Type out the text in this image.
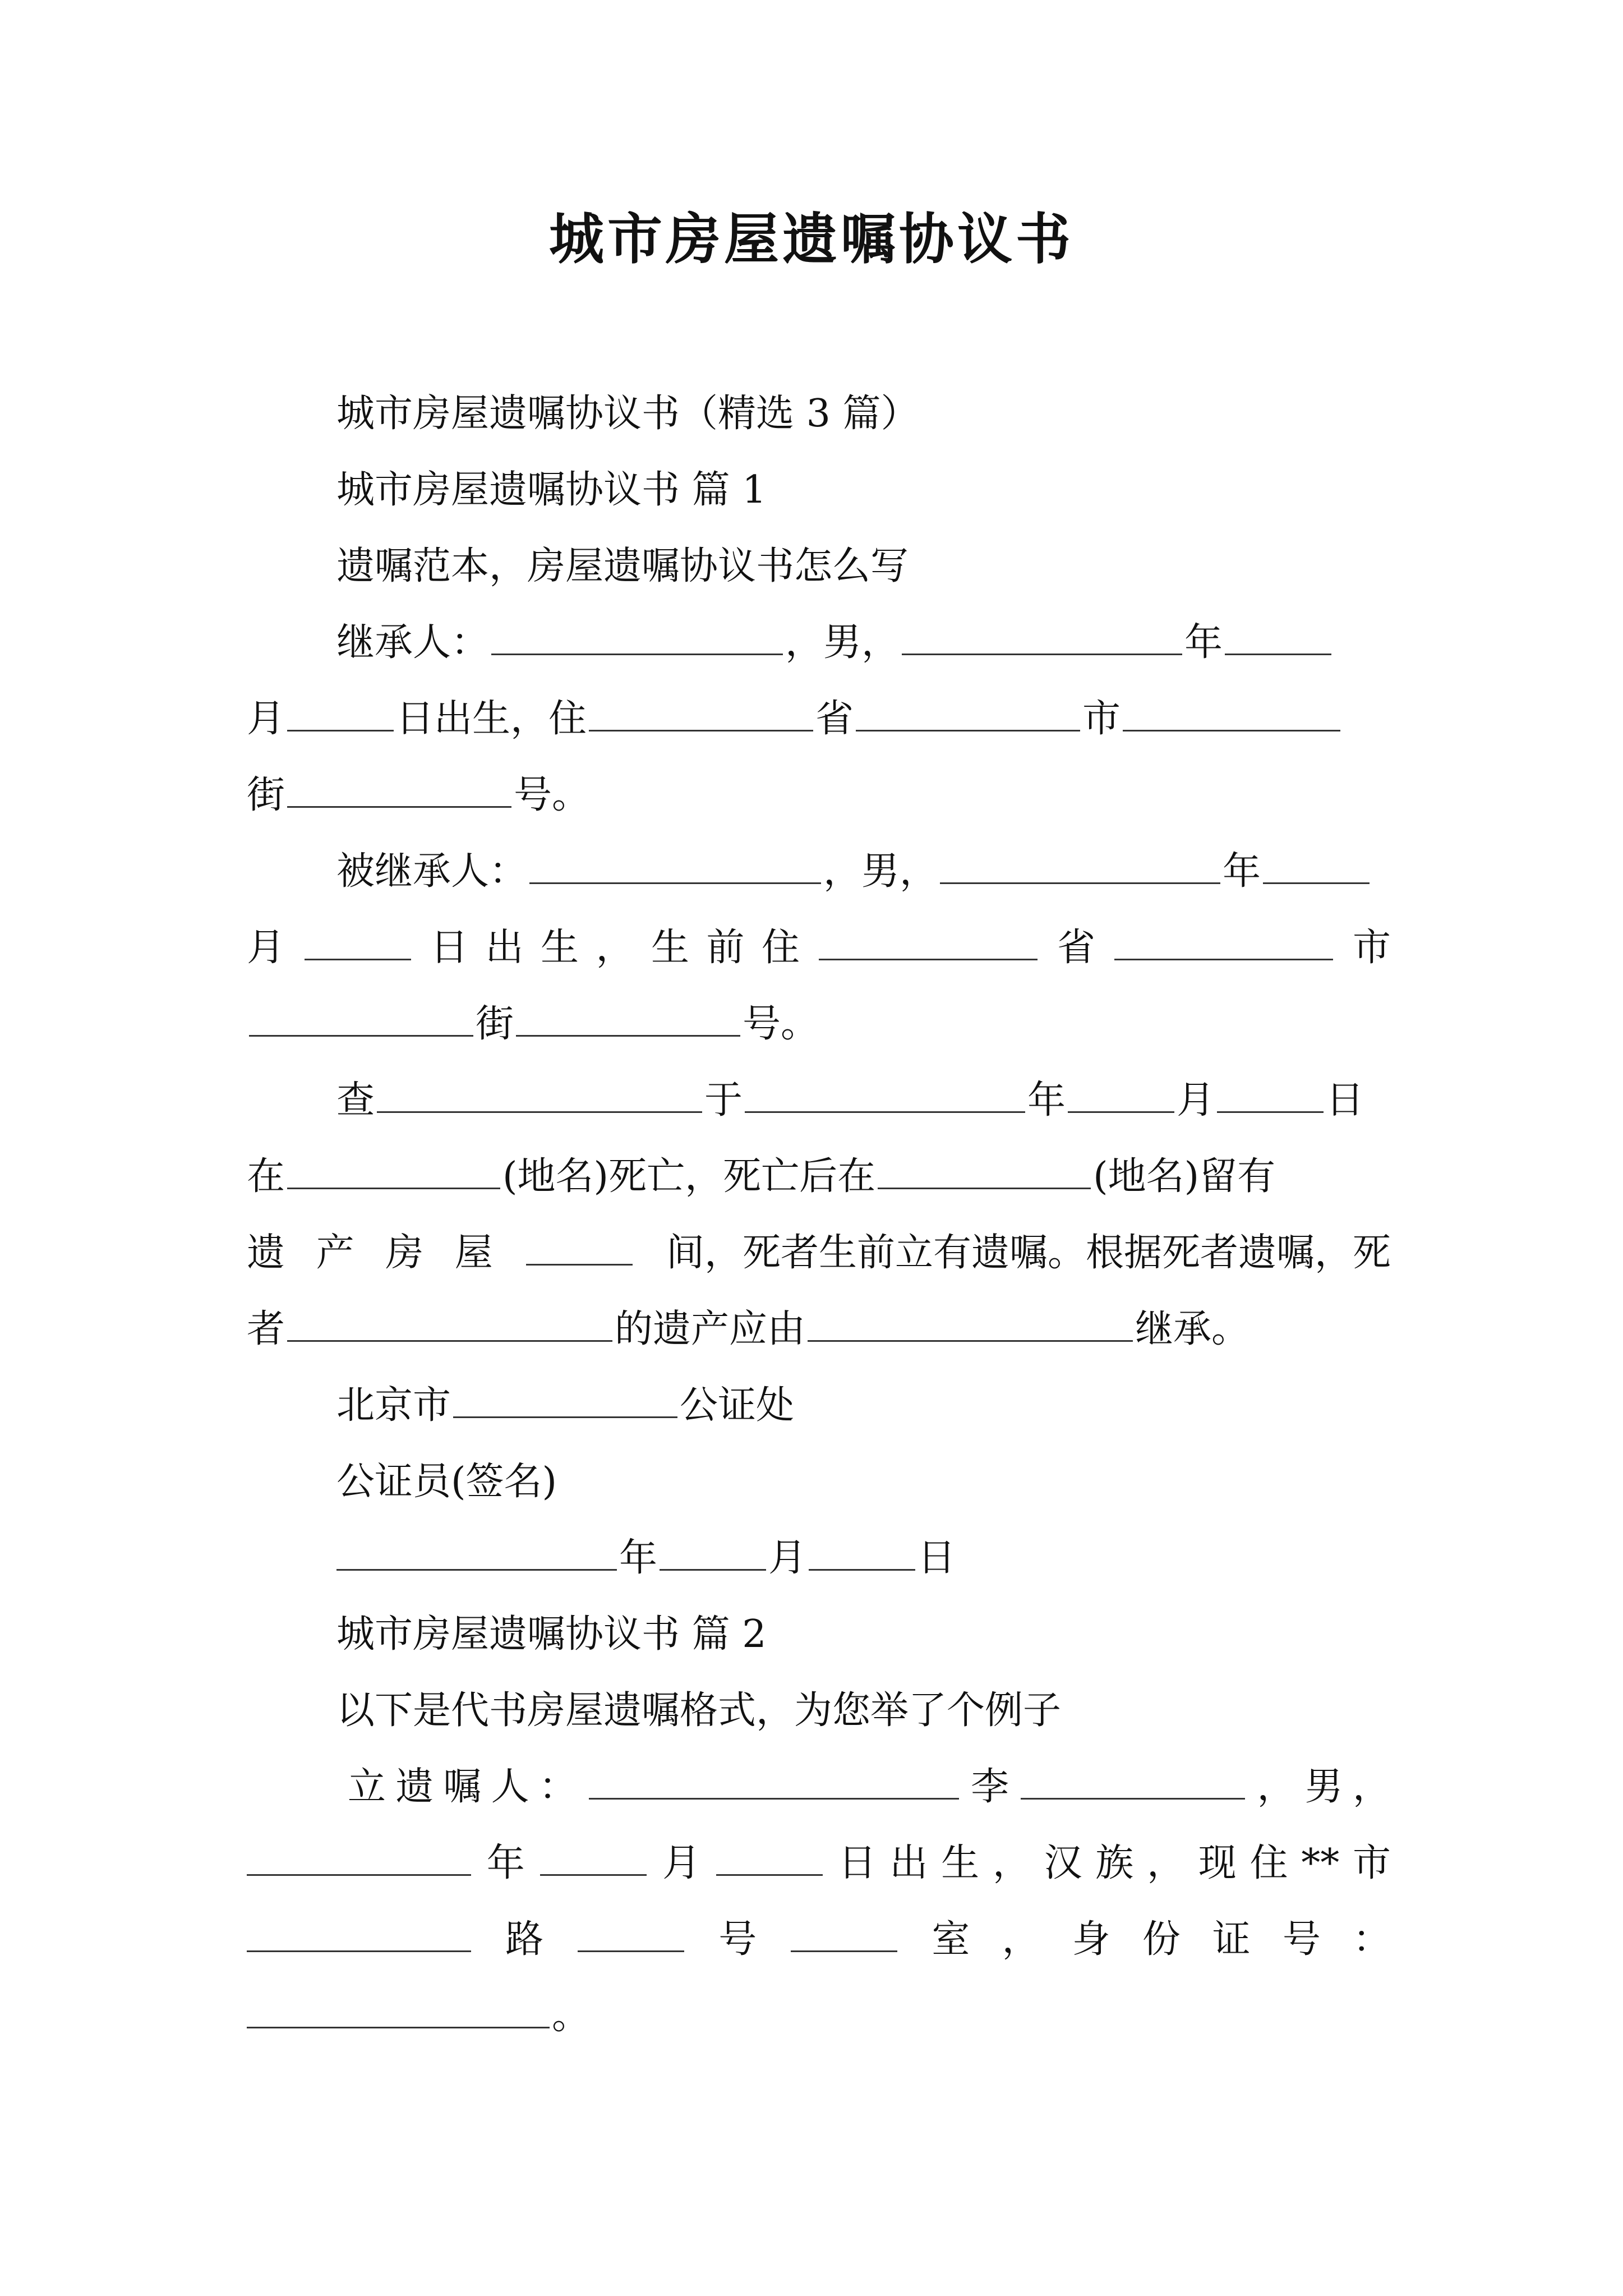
城市房屋遗嘱协议书
城市房屋遗嘱协议书（精选 3 篇）
城市房屋遗嘱协议书 篇 1
遗嘱范本，房屋遗嘱协议书怎么写
继承人：	，男，	年
月	日出生，住	省	市
街	号。
被继承人：	，男，	年
月	日 出 生 ， 生 前 住	省	市
街	号。
查	于	年	月	日
在	(地名)死亡，死亡后在	(地名)留有
遗 产 房 屋	间，死者生前立有遗嘱。根据死者遗嘱，死
者	的遗产应由	继承。
北京市	公证处
公证员(签名)
年	月	日
城市房屋遗嘱协议书 篇 2
以下是代书房屋遗嘱格式，为您举了个例子
立 遗 嘱 人 ：	李	， 男 ，
年	月	日 出 生 ， 汉 族 ， 现 住 ** 市
路	号	室 ， 身 份 证 号 ：
。
